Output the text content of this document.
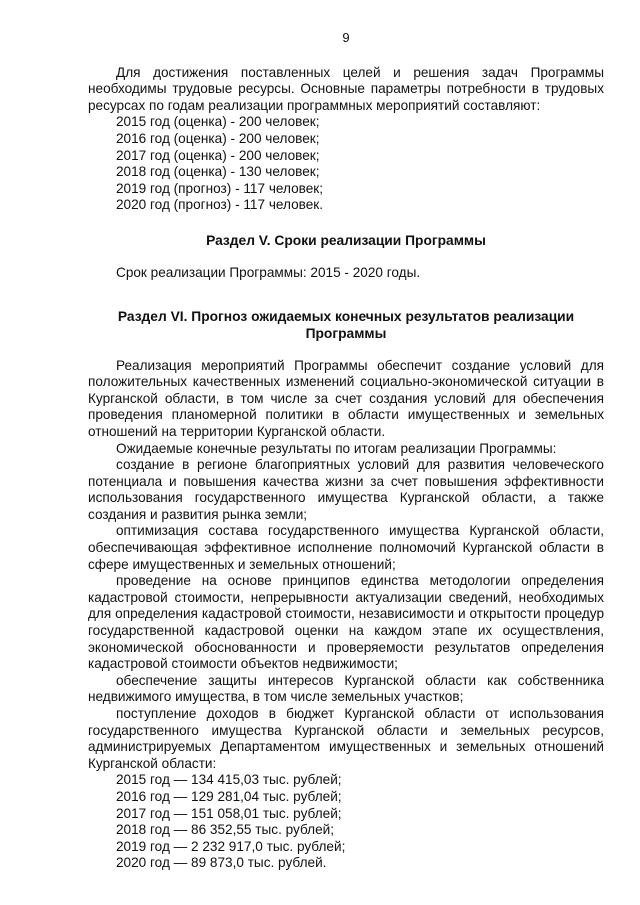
9

Для достижения поставленных целей и решения задач Программы необходимы трудовые ресурсы. Основные параметры потребности в трудовых ресурсах по годам реализации программных мероприятий составляют:

2015 год (оценка) - 200 человек;
2016 год (оценка) - 200 человек;
2017 год (оценка) - 200 человек;
2018 год (оценка) - 130 человек;
2019 год (прогноз) - 117 человек;
2020 год (прогноз) - 117 человек.
Раздел V. Сроки реализации Программы

Срок реализации Программы: 2015 - 2020 годы.

Раздел VI. Прогноз ожидаемых конечных результатов реализации Программы

Реализация мероприятий Программы обеспечит создание условий для положительных качественных изменений социально-экономической ситуации в Курганской области, в том числе за счет создания условий для обеспечения проведения планомерной политики в области имущественных и земельных отношений на территории Курганской области.

Ожидаемые конечные результаты по итогам реализации Программы:

создание в регионе благоприятных условий для развития человеческого потенциала и повышения качества жизни за счет повышения эффективности использования государственного имущества Курганской области, а также создания и развития рынка земли;

оптимизация состава государственного имущества Курганской области, обеспечивающая эффективное исполнение полномочий Курганской области в сфере имущественных и земельных отношений;

проведение на основе принципов единства методологии определения кадастровой стоимости, непрерывности актуализации сведений, необходимых для определения кадастровой стоимости, независимости и открытости процедур государственной кадастровой оценки на каждом этапе их осуществления, экономической обоснованности и проверяемости результатов определения кадастровой стоимости объектов недвижимости;

обеспечение защиты интересов Курганской области как собственника недвижимого имущества, в том числе земельных участков;

поступление доходов в бюджет Курганской области от использования государственного имущества Курганской области и земельных ресурсов, администрируемых Департаментом имущественных и земельных отношений Курганской области:

2015 год — 134 415,03 тыс. рублей;
2016 год — 129 281,04 тыс. рублей;
2017 год — 151 058,01 тыс. рублей;
2018 год — 86 352,55 тыс. рублей;
2019 год — 2 232 917,0 тыс. рублей;
2020 год — 89 873,0 тыс. рублей.
